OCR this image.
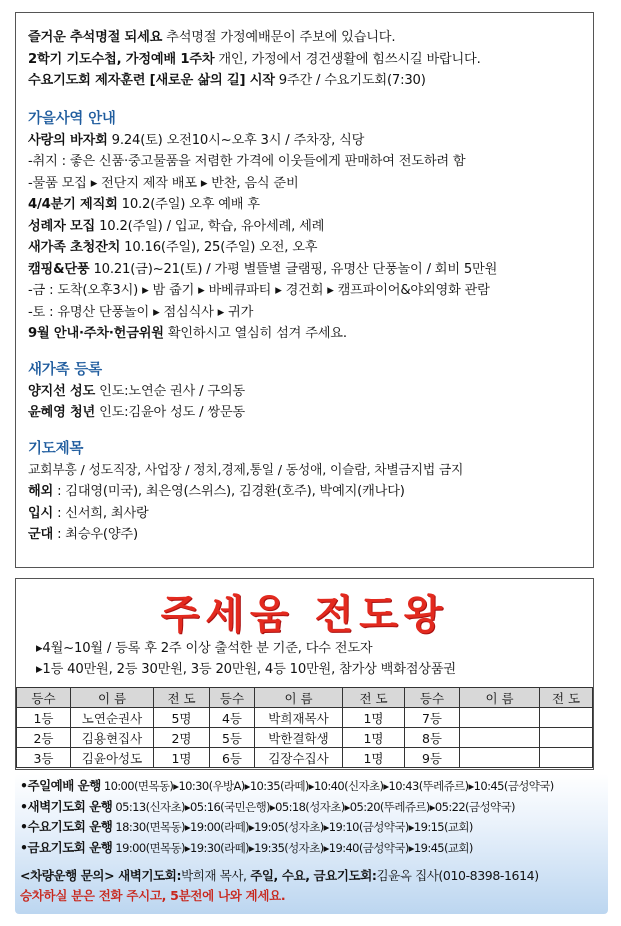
즐거운 추석명절 되세요 추석명절 가정예배문이 주보에 있습니다.
2학기 기도수첩, 가정예배 1주차 개인, 가정에서 경건생활에 힘쓰시길 바랍니다.
수요기도회 제자훈련 [새로운 삶의 길] 시작 9주간 / 수요기도회(7:30)
가을사역 안내
사랑의 바자회 9.24(토) 오전10시~오후 3시 / 주차장, 식당
-취지 : 좋은 신품·중고물품을 저렴한 가격에 이웃들에게 판매하여 전도하려 함
-물품 모집 ▸ 전단지 제작 배포 ▸ 반찬, 음식 준비
4/4분기 제직회 10.2(주일) 오후 예배 후
성례자 모집 10.2(주일) / 입교, 학습, 유아세례, 세례
새가족 초청잔치 10.16(주일), 25(주일) 오전, 오후
캠핑&단풍 10.21(금)~21(토) / 가평 별뜰별 글램핑, 유명산 단풍놀이 / 회비 5만원
-금 : 도착(오후3시) ▸ 밤 줍기 ▸ 바베큐파티 ▸ 경건회 ▸ 캠프파이어&야외영화 관람
-토 : 유명산 단풍놀이 ▸ 점심식사 ▸ 귀가
9월 안내·주차·헌금위원 확인하시고 열심히 섬겨 주세요.
새가족 등록
양지선 성도 인도:노연순 권사 / 구의동
윤혜영 청년 인도:김윤아 성도 / 쌍문동
기도제목
교회부흥 / 성도직장, 사업장 / 정치,경제,통일 / 동성애, 이슬람, 차별금지법 금지
해외 : 김대영(미국), 최은영(스위스), 김경환(호주), 박예지(캐나다)
입시 : 신서희, 최사랑
군대 : 최승우(양주)
주세움 전도왕
▸4월~10월 / 등록 후 2주 이상 출석한 분 기준, 다수 전도자
▸1등 40만원, 2등 30만원, 3등 20만원, 4등 10만원, 참가상 백화점상품권
등수	이 름	전 도	등수	이 름	전 도	등수	이 름	전 도
1등	노연순권사	5명	4등	박희재목사	1명	7등		
2등	김용현집사	2명	5등	박한결학생	1명	8등		
3등	김윤아성도	1명	6등	김장수집사	1명	9등		
•주일예배 운행 10:00(면목동)▸10:30(우방A)▸10:35(라떼)▸10:40(신자초)▸10:43(뚜레쥬르)▸10:45(금성약국)
•새벽기도회 운행 05:13(신자초)▸05:16(국민은행)▸05:18(성자초)▸05:20(뚜레쥬르)▸05:22(금성약국)
•수요기도회 운행 18:30(면목동)▸19:00(라떼)▸19:05(성자초)▸19:10(금성약국)▸19:15(교회)
•금요기도회 운행 19:00(면목동)▸19:30(라떼)▸19:35(성자초)▸19:40(금성약국)▸19:45(교회)
<차량운행 문의> 새벽기도회:박희재 목사, 주일, 수요, 금요기도회:김윤옥 집사(010-8398-1614)
승차하실 분은 전화 주시고, 5분전에 나와 계세요.
